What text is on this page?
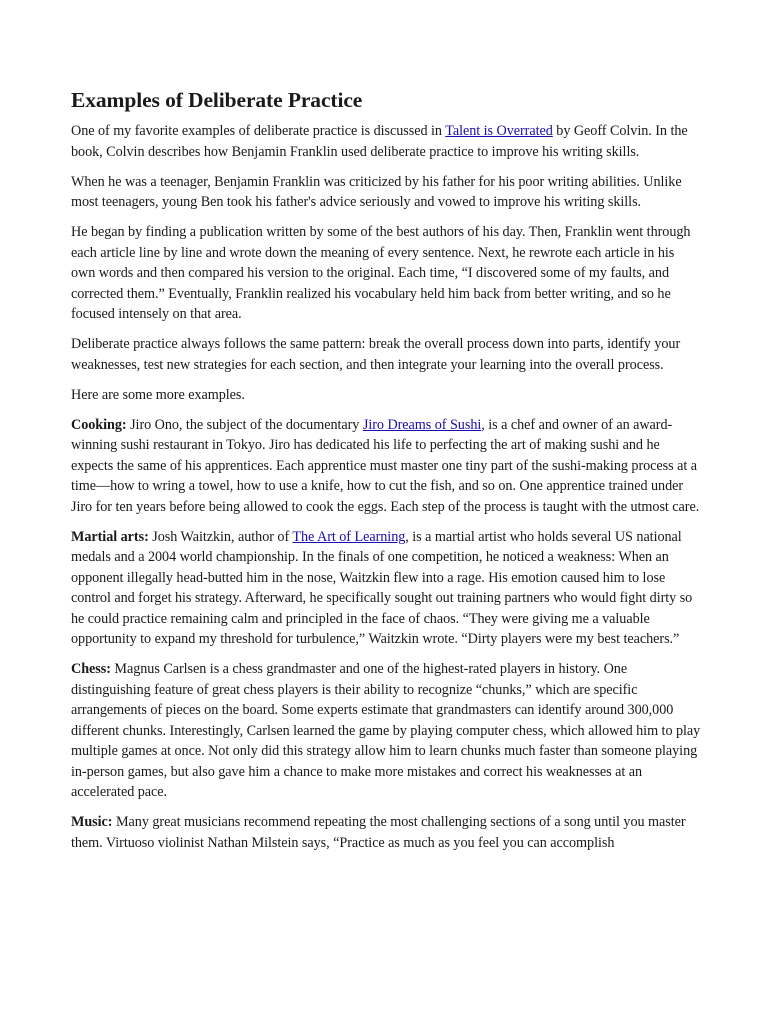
Examples of Deliberate Practice

One of my favorite examples of deliberate practice is discussed in Talent is Overrated by Geoff Colvin. In the book, Colvin describes how Benjamin Franklin used deliberate practice to improve his writing skills.

When he was a teenager, Benjamin Franklin was criticized by his father for his poor writing abilities. Unlike most teenagers, young Ben took his father's advice seriously and vowed to improve his writing skills.

He began by finding a publication written by some of the best authors of his day. Then, Franklin went through each article line by line and wrote down the meaning of every sentence. Next, he rewrote each article in his own words and then compared his version to the original. Each time, “I discovered some of my faults, and corrected them.” Eventually, Franklin realized his vocabulary held him back from better writing, and so he focused intensely on that area.

Deliberate practice always follows the same pattern: break the overall process down into parts, identify your weaknesses, test new strategies for each section, and then integrate your learning into the overall process.

Here are some more examples.

Cooking: Jiro Ono, the subject of the documentary Jiro Dreams of Sushi, is a chef and owner of an award-winning sushi restaurant in Tokyo. Jiro has dedicated his life to perfecting the art of making sushi and he expects the same of his apprentices. Each apprentice must master one tiny part of the sushi-making process at a time—how to wring a towel, how to use a knife, how to cut the fish, and so on. One apprentice trained under Jiro for ten years before being allowed to cook the eggs. Each step of the process is taught with the utmost care.

Martial arts: Josh Waitzkin, author of The Art of Learning, is a martial artist who holds several US national medals and a 2004 world championship. In the finals of one competition, he noticed a weakness: When an opponent illegally head-butted him in the nose, Waitzkin flew into a rage. His emotion caused him to lose control and forget his strategy. Afterward, he specifically sought out training partners who would fight dirty so he could practice remaining calm and principled in the face of chaos. “They were giving me a valuable opportunity to expand my threshold for turbulence,” Waitzkin wrote. “Dirty players were my best teachers.”

Chess: Magnus Carlsen is a chess grandmaster and one of the highest-rated players in history. One distinguishing feature of great chess players is their ability to recognize “chunks,” which are specific arrangements of pieces on the board. Some experts estimate that grandmasters can identify around 300,000 different chunks. Interestingly, Carlsen learned the game by playing computer chess, which allowed him to play multiple games at once. Not only did this strategy allow him to learn chunks much faster than someone playing in-person games, but also gave him a chance to make more mistakes and correct his weaknesses at an accelerated pace.

Music: Many great musicians recommend repeating the most challenging sections of a song until you master them. Virtuoso violinist Nathan Milstein says, “Practice as much as you feel you can accomplish
